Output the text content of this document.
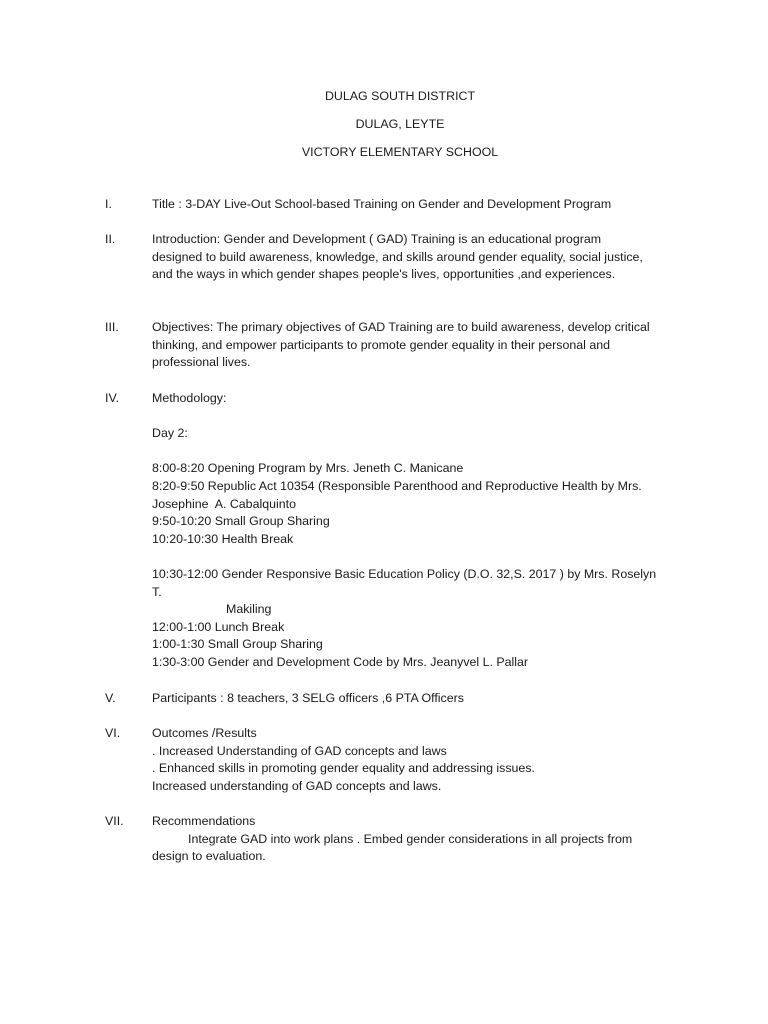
DULAG SOUTH DISTRICT
DULAG, LEYTE
VICTORY ELEMENTARY SCHOOL
I.	Title : 3-DAY Live-Out School-based Training on Gender and Development Program
II.	Introduction: Gender and Development ( GAD) Training is an educational program
designed to build awareness, knowledge, and skills around gender equality, social justice,
and the ways in which gender shapes people's lives, opportunities ,and experiences.
III.	Objectives: The primary objectives of GAD Training are to build awareness, develop critical
thinking, and empower participants to promote gender equality in their personal and
professional lives.
IV.	Methodology:
Day 2:
8:00-8:20 Opening Program by Mrs. Jeneth C. Manicane
8:20-9:50 Republic Act 10354 (Responsible Parenthood and Reproductive Health by Mrs.
Josephine  A. Cabalquinto
9:50-10:20 Small Group Sharing
10:20-10:30 Health Break
10:30-12:00 Gender Responsive Basic Education Policy (D.O. 32,S. 2017 ) by Mrs. Roselyn
T.
Makiling
12:00-1:00 Lunch Break
1:00-1:30 Small Group Sharing
1:30-3:00 Gender and Development Code by Mrs. Jeanyvel L. Pallar
V.	Participants : 8 teachers, 3 SELG officers ,6 PTA Officers
VI.	Outcomes /Results
. Increased Understanding of GAD concepts and laws
. Enhanced skills in promoting gender equality and addressing issues.
Increased understanding of GAD concepts and laws.
VII. Recommendations
Integrate GAD into work plans . Embed gender considerations in all projects from
design to evaluation.
